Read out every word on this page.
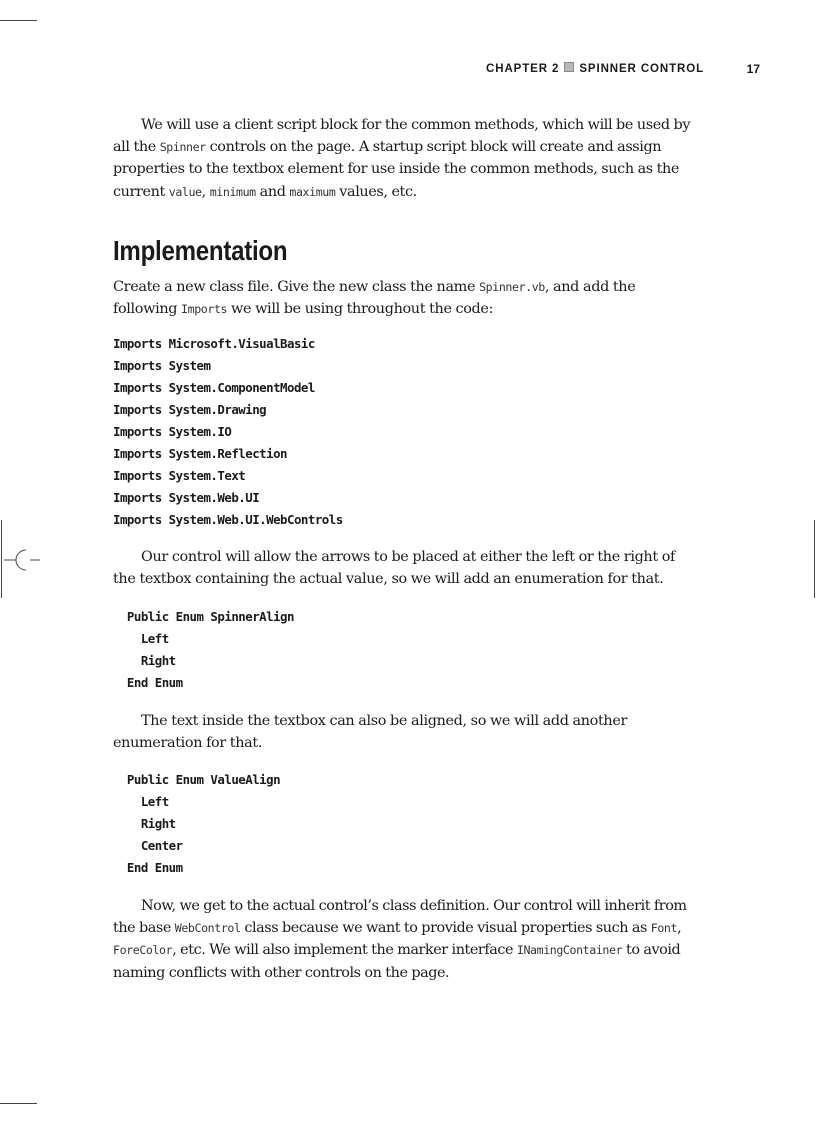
CHAPTER 2 SPINNER CONTROL	17

We will use a client script block for the common methods, which will be used by all the Spinner controls on the page. A startup script block will create and assign properties to the textbox element for use inside the common methods, such as the current value, minimum and maximum values, etc.

Implementation

Create a new class file. Give the new class the name Spinner.vb, and add the following Imports we will be using throughout the code:

Imports Microsoft.VisualBasic
Imports System
Imports System.ComponentModel
Imports System.Drawing
Imports System.IO
Imports System.Reflection
Imports System.Text
Imports System.Web.UI
Imports System.Web.UI.WebControls

Our control will allow the arrows to be placed at either the left or the right of the textbox containing the actual value, so we will add an enumeration for that.

Public Enum SpinnerAlign
Left
Right
End Enum

The text inside the textbox can also be aligned, so we will add another enumeration for that.

Public Enum ValueAlign
Left
Right
Center
End Enum

Now, we get to the actual control’s class definition. Our control will inherit from the base WebControl class because we want to provide visual properties such as Font, ForeColor, etc. We will also implement the marker interface INamingContainer to avoid naming conflicts with other controls on the page.
